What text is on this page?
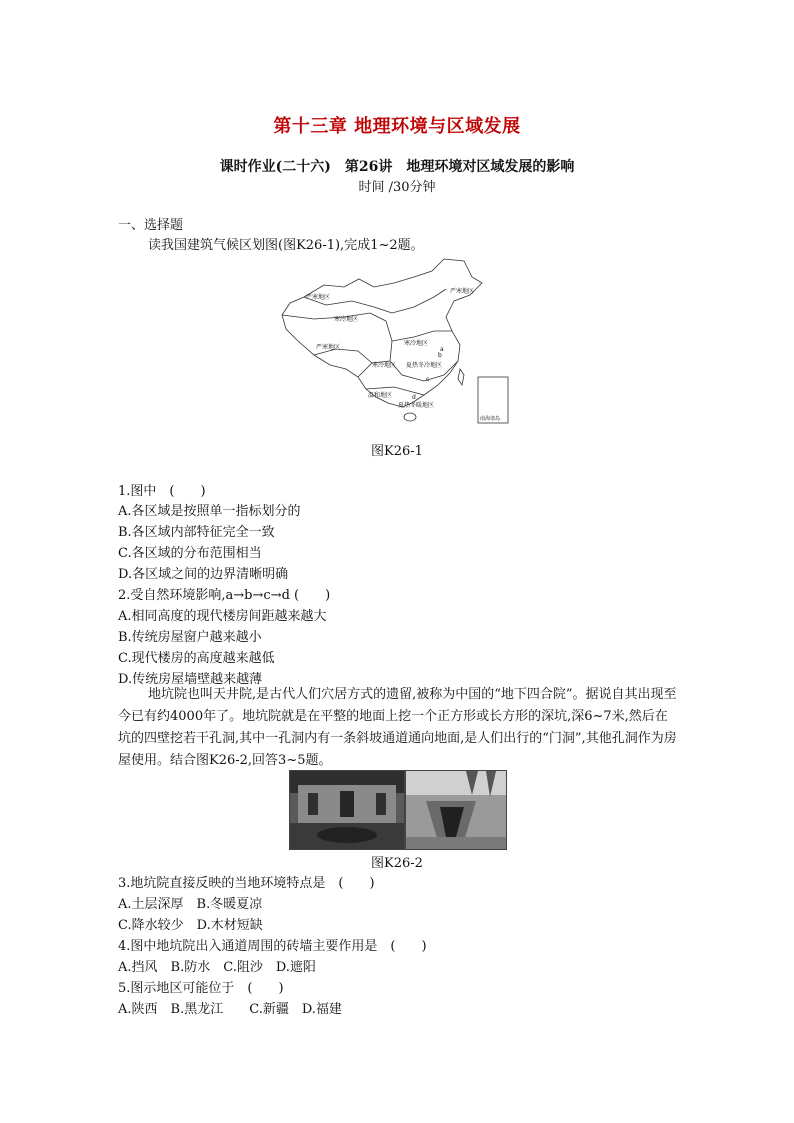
第十三章 地理环境与区域发展
课时作业(二十六)　第26讲　地理环境对区域发展的影响
时间 /30分钟
一、选择题
读我国建筑气候区划图(图K26-1),完成1~2题。
严寒地区
严寒地区
寒冷地区
严寒地区
寒冷地区
寒冷地区 夏热冬冷地区
温和地区
夏热冬暖地区
a
b
c
d
南海诸岛
图K26-1
1.图中　(　　)
A.各区域是按照单一指标划分的
B.各区域内部特征完全一致
C.各区域的分布范围相当
D.各区域之间的边界清晰明确
2.受自然环境影响,a→b→c→d (　　)
A.相同高度的现代楼房间距越来越大
B.传统房屋窗户越来越小
C.现代楼房的高度越来越低
D.传统房屋墙壁越来越薄
地坑院也叫天井院,是古代人们穴居方式的遗留,被称为中国的“地下四合院”。据说自其出现至今已有约4000年了。地坑院就是在平整的地面上挖一个正方形或长方形的深坑,深6~7米,然后在坑的四壁挖若干孔洞,其中一孔洞内有一条斜坡通道通向地面,是人们出行的“门洞”,其他孔洞作为房屋使用。结合图K26-2,回答3~5题。
图K26-2
3.地坑院直接反映的当地环境特点是　(　　)
A.土层深厚　B.冬暖夏凉
C.降水较少　D.木材短缺
4.图中地坑院出入通道周围的砖墙主要作用是　(　　)
A.挡风　B.防水　C.阻沙　D.遮阳
5.图示地区可能位于　(　　)
A.陕西　B.黑龙江　　C.新疆　D.福建
